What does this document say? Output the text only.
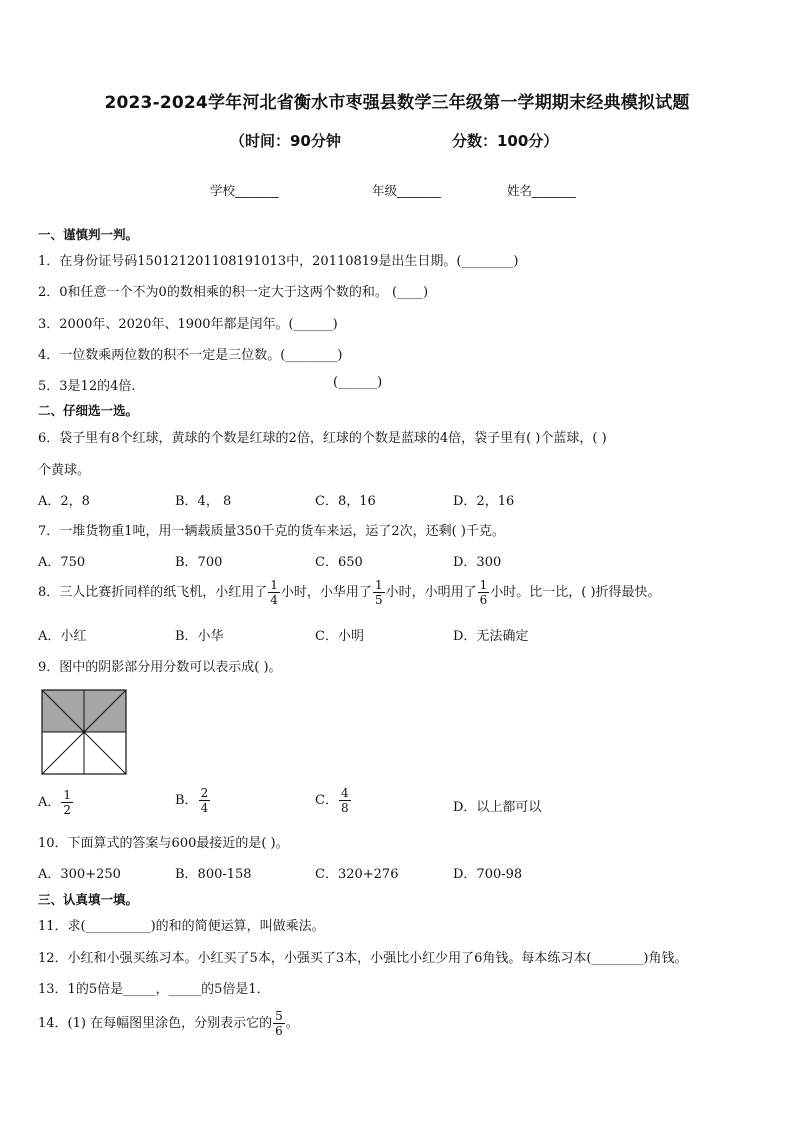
2023-2024学年河北省衡水市枣强县数学三年级第一学期期末经典模拟试题
（时间：90分钟	分数：100分）
学校_______	年级_______	姓名_______
一、谨慎判一判。
1．在身份证号码150121201108191013中，20110819是出生日期。(________)
2．0和任意一个不为0的数相乘的积一定大于这两个数的和。 (____)
3．2000年、2020年、1900年都是闰年。(______)
4．一位数乘两位数的积不一定是三位数。(________)
5．3是12的4倍.	(______)
二、仔细选一选。
6．袋子里有8个红球，黄球的个数是红球的2倍，红球的个数是蓝球的4倍，袋子里有( )个蓝球，( )
个黄球。
A．2，8	B．4， 8	C．8，16	D．2，16
7．一堆货物重1吨，用一辆载质量350千克的货车来运，运了2次，还剩( )千克。
A．750	B．700	C．650	D．300
8．三人比赛折同样的纸飞机，小红用了 $\frac{1}{4}$ 小时，小华用了 $\frac{1}{5}$ 小时，小明用了 $\frac{1}{6}$ 小时。比一比，( )折得最快。
A．小红	B．小华	C．小明	D．无法确定
9．图中的阴影部分用分数可以表示成( )。
A． $\frac{1}{2}$	B． $\frac{2}{4}$	C． $\frac{4}{8}$	D．以上都可以
10．下面算式的答案与600最接近的是( )。
A．300+250	B．800-158	C．320+276	D．700-98
三、认真填一填。
11．求(__________)的和的简便运算，叫做乘法。
12．小红和小强买练习本。小红买了5本，小强买了3本，小强比小红少用了6角钱。每本练习本(________)角钱。
13．1的5倍是_____，_____的5倍是1．
14．(1) 在每幅图里涂色，分别表示它的 $\frac{5}{6}$ 。
